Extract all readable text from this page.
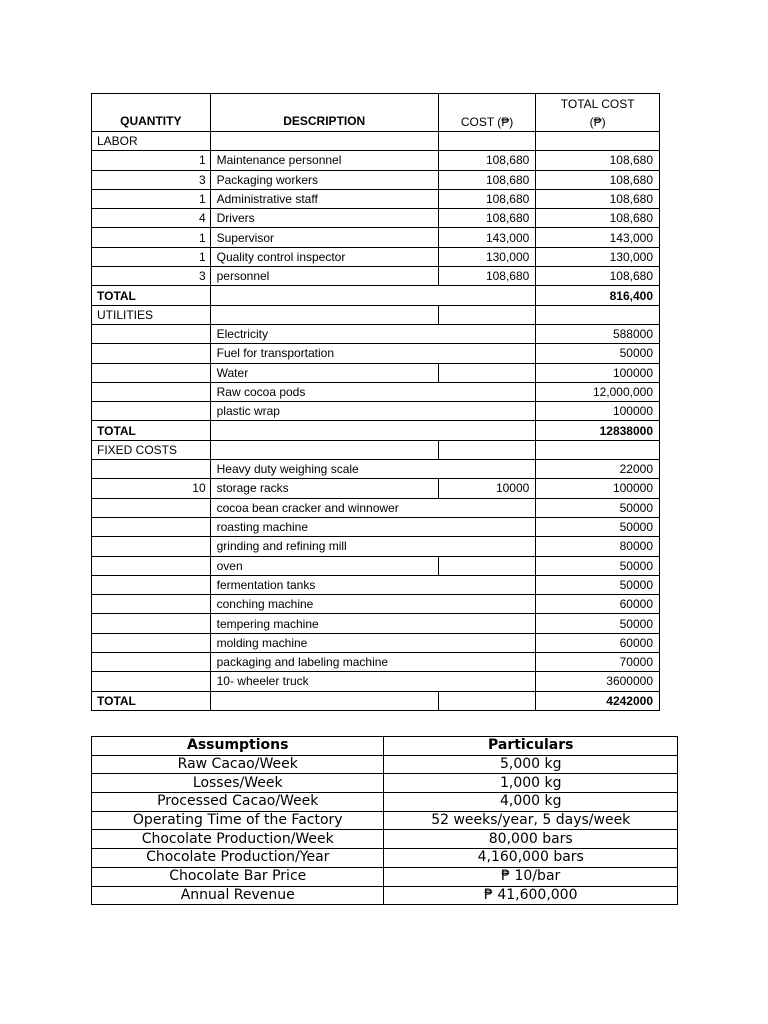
QUANTITY	DESCRIPTION	COST (₱)	TOTAL COST
(₱)
LABOR			
1	Maintenance personnel	108,680	108,680
3	Packaging workers	108,680	108,680
1	Administrative staff	108,680	108,680
4	Drivers	108,680	108,680
1	Supervisor	143,000	143,000
1	Quality control inspector	130,000	130,000
3	personnel	108,680	108,680
TOTAL			816,400
UTILITIES			
	Electricity		588000
	Fuel for transportation		50000
	Water		100000
	Raw cocoa pods		12,000,000
	plastic wrap		100000
TOTAL			12838000
FIXED COSTS			
	Heavy duty weighing scale		22000
10	storage racks	10000	100000
	cocoa bean cracker and winnower		50000
	roasting machine		50000
	grinding and refining mill		80000
	oven		50000
	fermentation tanks		50000
	conching machine		60000
	tempering machine		50000
	molding machine		60000
	packaging and labeling machine		70000
	10- wheeler truck		3600000
TOTAL			4242000
Assumptions	Particulars
Raw Cacao/Week	5,000 kg
Losses/Week	1,000 kg
Processed Cacao/Week	4,000 kg
Operating Time of the Factory	52 weeks/year, 5 days/week
Chocolate Production/Week	80,000 bars
Chocolate Production/Year	4,160,000 bars
Chocolate Bar Price	₱ 10/bar
Annual Revenue	₱ 41,600,000
